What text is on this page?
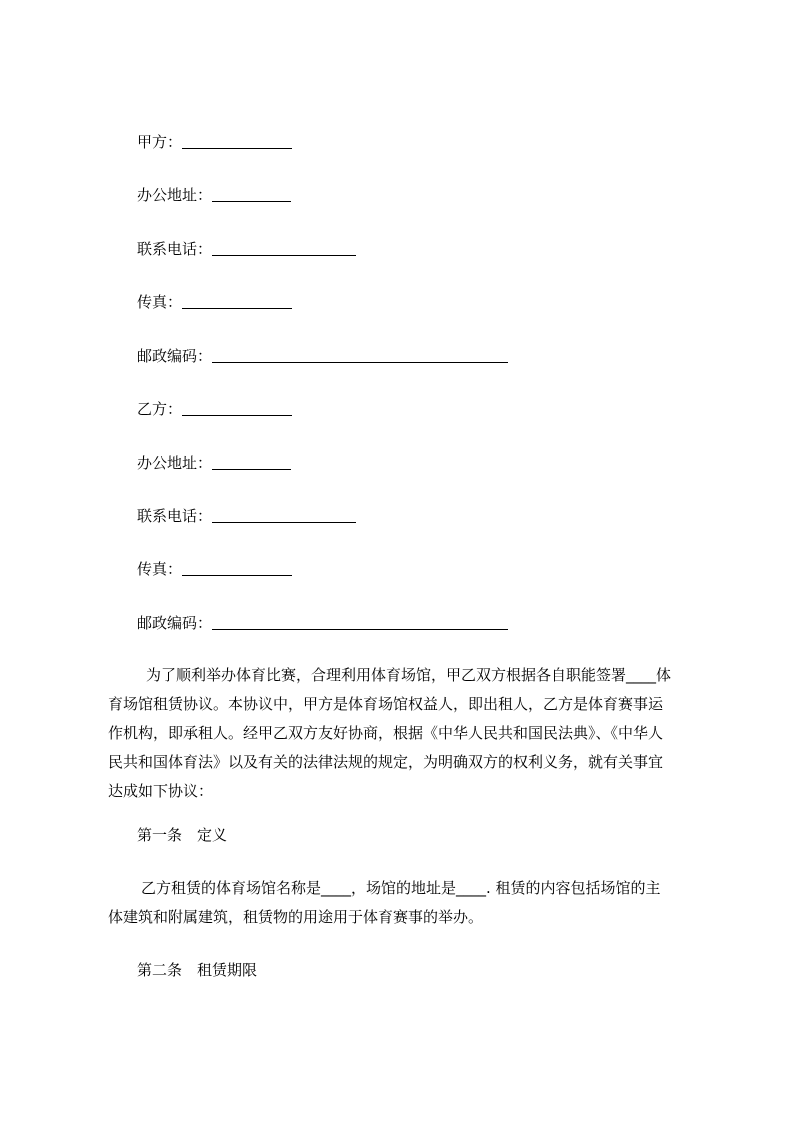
甲方：
办公地址：
联系电话：
传真：
邮政编码：
乙方：
办公地址：
联系电话：
传真：
邮政编码：
为了顺利举办体育比赛，合理利用体育场馆，甲乙双方根据各自职能签署____体
育场馆租赁协议。本协议中，甲方是体育场馆权益人，即出租人，乙方是体育赛事运
作机构，即承租人。经甲乙双方友好协商，根据《中华人民共和国民法典》、《中华人
民共和国体育法》以及有关的法律法规的规定，为明确双方的权利义务，就有关事宜
达成如下协议：
第一条　定义
乙方租赁的体育场馆名称是____，场馆的地址是____. 租赁的内容包括场馆的主
体建筑和附属建筑，租赁物的用途用于体育赛事的举办。
第二条　租赁期限
